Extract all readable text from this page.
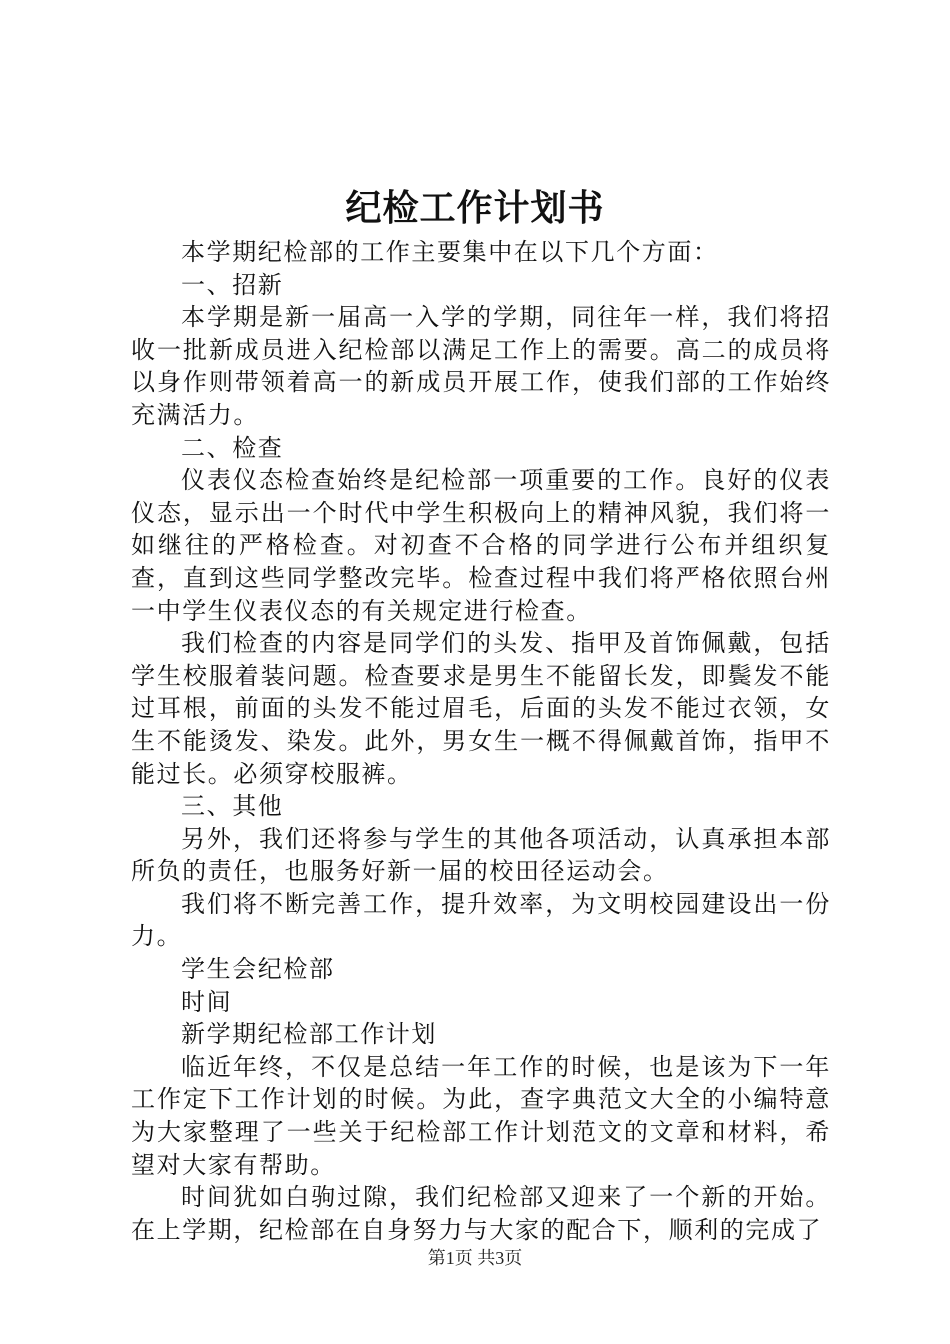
纪检工作计划书

本学期纪检部的工作主要集中在以下几个方面：

一、招新

本学期是新一届高一入学的学期，同往年一样，我们将招收一批新成员进入纪检部以满足工作上的需要。高二的成员将以身作则带领着高一的新成员开展工作，使我们部的工作始终充满活力。

二、检查

仪表仪态检查始终是纪检部一项重要的工作。良好的仪表仪态，显示出一个时代中学生积极向上的精神风貌，我们将一如继往的严格检查。对初查不合格的同学进行公布并组织复查，直到这些同学整改完毕。检查过程中我们将严格依照台州一中学生仪表仪态的有关规定进行检查。

我们检查的内容是同学们的头发、指甲及首饰佩戴，包括学生校服着装问题。检查要求是男生不能留长发，即鬓发不能过耳根，前面的头发不能过眉毛，后面的头发不能过衣领，女生不能烫发、染发。此外，男女生一概不得佩戴首饰，指甲不能过长。必须穿校服裤。

三、其他

另外，我们还将参与学生的其他各项活动，认真承担本部所负的责任，也服务好新一届的校田径运动会。

我们将不断完善工作，提升效率，为文明校园建设出一份力。

学生会纪检部

时间

新学期纪检部工作计划

临近年终，不仅是总结一年工作的时候，也是该为下一年工作定下工作计划的时候。为此，查字典范文大全的小编特意为大家整理了一些关于纪检部工作计划范文的文章和材料，希望对大家有帮助。

时间犹如白驹过隙，我们纪检部又迎来了一个新的开始。在上学期，纪检部在自身努力与大家的配合下，顺利的完成了

第1页 共3页
